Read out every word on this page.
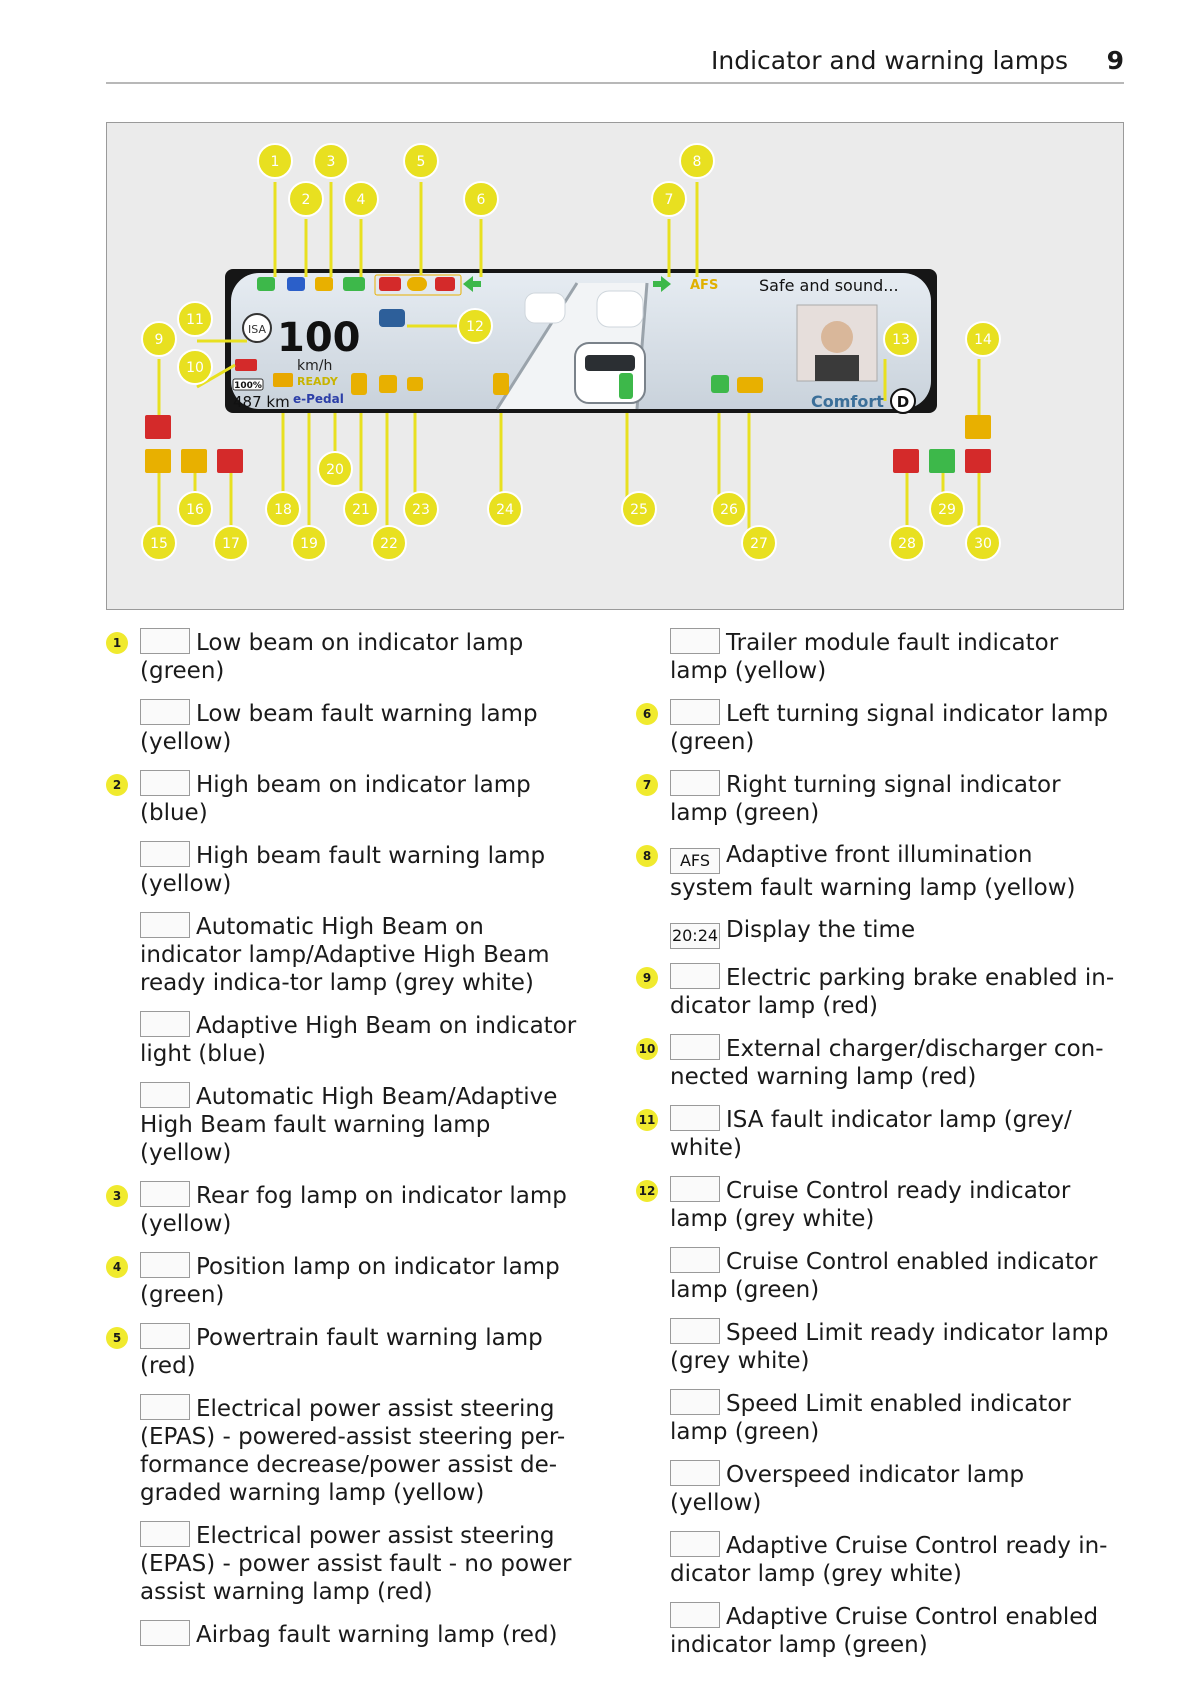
Indicator and warning lamps 9
ISA 100
km/h
100%
487 km
READY
e-Pedal
AFS	Safe and sound...
Comfort D
1
2
3
4
5
6	7
8
9
10
11	12
13	14
15
16
17
18
19
20
21
22
23	24	25	26
27	28
29
30
1	Low beam on indicator lamp (green)
Low beam fault warning lamp (yellow)
2	High beam on indicator lamp (blue)
High beam fault warning lamp (yellow)
Automatic High Beam on indicator lamp/Adaptive High Beam ready indica-tor lamp (grey white)
Adaptive High Beam on indicator light (blue)
Automatic High Beam/Adaptive High Beam fault warning lamp (yellow)
3	Rear fog lamp on indicator lamp (yellow)
4	Position lamp on indicator lamp (green)
5	Powertrain fault warning lamp (red)
Electrical power assist steering (EPAS) - powered-assist steering per-formance decrease/power assist de-graded warning lamp (yellow)
Electrical power assist steering (EPAS) - power assist fault - no power assist warning lamp (red)
Airbag fault warning lamp (red)
Trailer module fault indicator lamp (yellow)
6	Left turning signal indicator lamp (green)
7	Right turning signal indicator lamp (green)
8	AFS Adaptive front illumination system fault warning lamp (yellow)
20:24 Display the time
9	Electric parking brake enabled in-dicator lamp (red)
10	External charger/discharger con-nected warning lamp (red)
11	ISA fault indicator lamp (grey/ white)
12	Cruise Control ready indicator lamp (grey white)
Cruise Control enabled indicator lamp (green)
Speed Limit ready indicator lamp (grey white)
Speed Limit enabled indicator lamp (green)
Overspeed indicator lamp (yellow)
Adaptive Cruise Control ready in-dicator lamp (grey white)
Adaptive Cruise Control enabled indicator lamp (green)
